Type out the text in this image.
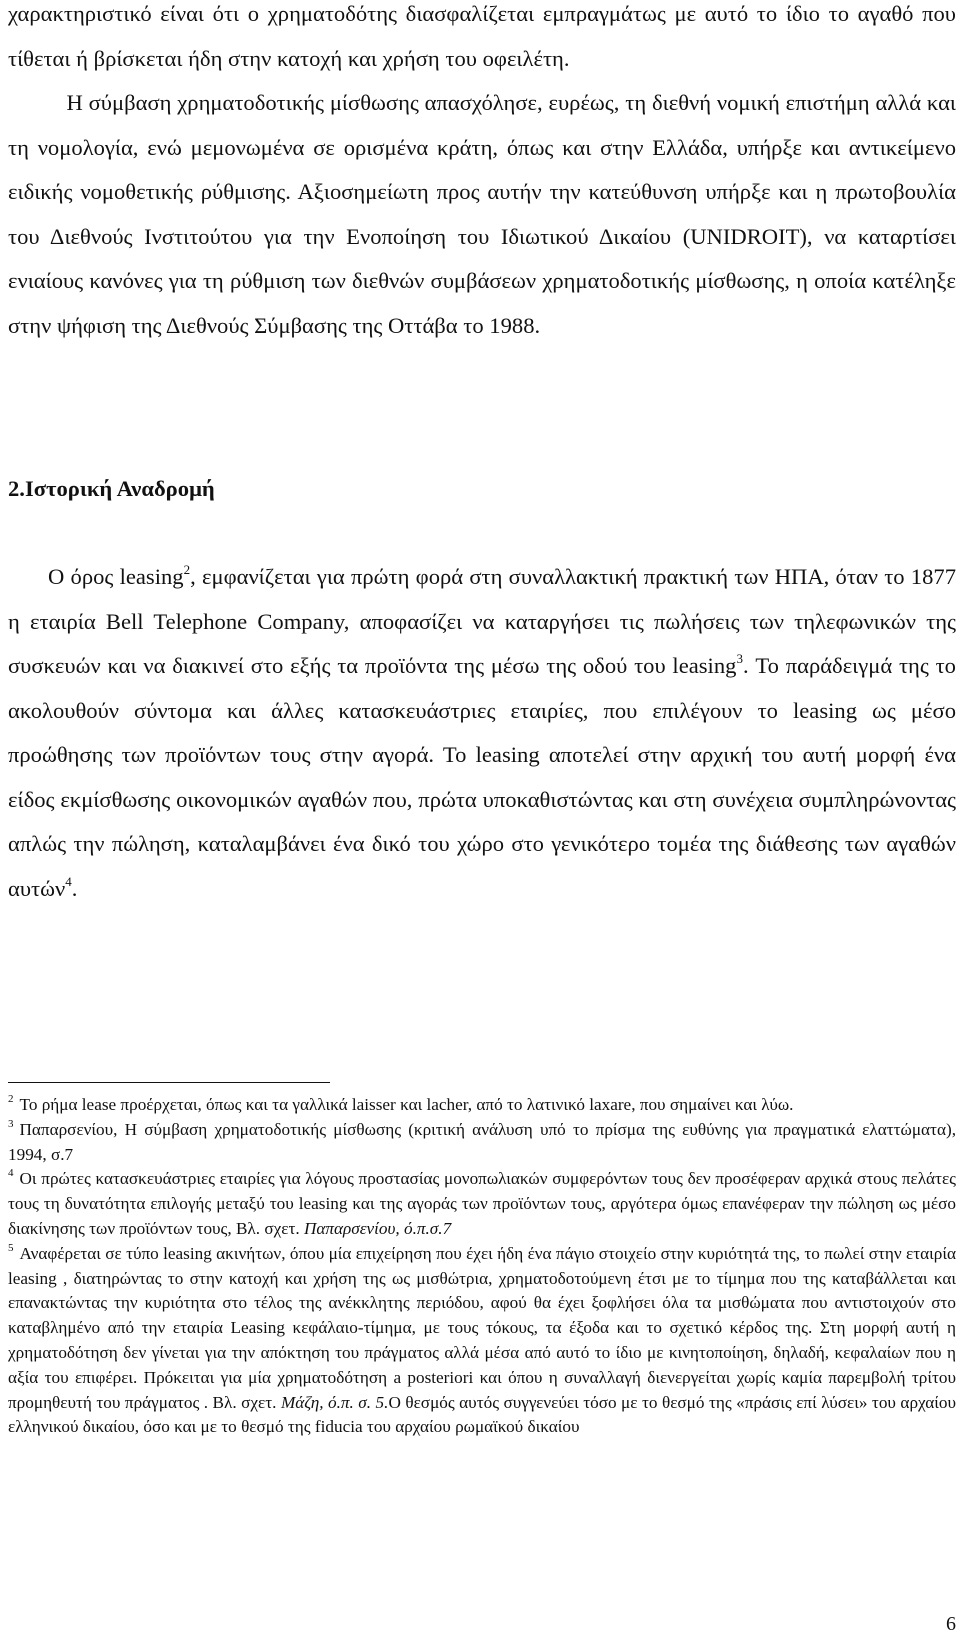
χαρακτηριστικό είναι ότι ο χρηματοδότης διασφαλίζεται εμπραγμάτως με αυτό το ίδιο το αγαθό που τίθεται ή βρίσκεται ήδη στην κατοχή και χρήση του οφειλέτη.
Η σύμβαση χρηματοδοτικής μίσθωσης απασχόλησε, ευρέως, τη διεθνή νομική επιστήμη αλλά και τη νομολογία, ενώ μεμονωμένα σε ορισμένα κράτη, όπως και στην Ελλάδα, υπήρξε και αντικείμενο ειδικής νομοθετικής ρύθμισης. Αξιοσημείωτη προς αυτήν την κατεύθυνση υπήρξε και η πρωτοβουλία του Διεθνούς Ινστιτούτου για την Ενοποίηση του Ιδιωτικού Δικαίου (UNIDROIT), να καταρτίσει ενιαίους κανόνες για τη ρύθμιση των διεθνών συμβάσεων χρηματοδοτικής μίσθωσης, η οποία κατέληξε στην ψήφιση της Διεθνούς Σύμβασης της Οττάβα το 1988.

2.Ιστορική Αναδρομή

Ο όρος leasing$^2$, εμφανίζεται για πρώτη φορά στη συναλλακτική πρακτική των ΗΠΑ, όταν το 1877 η εταιρία Bell Telephone Company, αποφασίζει να καταργήσει τις πωλήσεις των τηλεφωνικών της συσκευών και να διακινεί στο εξής τα προϊόντα της μέσω της οδού του leasing$^3$. Το παράδειγμά της το ακολουθούν σύντομα και άλλες κατασκευάστριες εταιρίες, που επιλέγουν το leasing ως μέσο προώθησης των προϊόντων τους στην αγορά. Το leasing αποτελεί στην αρχική του αυτή μορφή ένα είδος εκμίσθωσης οικονομικών αγαθών που, πρώτα υποκαθιστώντας και στη συνέχεια συμπληρώνοντας απλώς την πώληση, καταλαμβάνει ένα δικό του χώρο στο γενικότερο τομέα της διάθεσης των αγαθών αυτών$^4$.

$^2$ Το ρήμα lease προέρχεται, όπως και τα γαλλικά laisser και lacher, από το λατινικό laxare, που σημαίνει και λύω.

$^3$ Παπαρσενίου, Η σύμβαση χρηματοδοτικής μίσθωσης (κριτική ανάλυση υπό το πρίσμα της ευθύνης για πραγματικά ελαττώματα), 1994, σ.7

$^4$ Οι πρώτες κατασκευάστριες εταιρίες για λόγους προστασίας μονοπωλιακών συμφερόντων τους δεν προσέφεραν αρχικά στους πελάτες τους τη δυνατότητα επιλογής μεταξύ του leasing και της αγοράς των προϊόντων τους, αργότερα όμως επανέφεραν την πώληση ως μέσο διακίνησης των προϊόντων τους, Βλ. σχετ. Παπαρσενίου, ό.π.σ.7

$^5$ Αναφέρεται σε τύπο leasing ακινήτων, όπου μία επιχείρηση που έχει ήδη ένα πάγιο στοιχείο στην κυριότητά της, το πωλεί στην εταιρία leasing , διατηρώντας το στην κατοχή και χρήση της ως μισθώτρια, χρηματοδοτούμενη έτσι με το τίμημα που της καταβάλλεται και επανακτώντας την κυριότητα στο τέλος της ανέκκλητης περιόδου, αφού θα έχει ξοφλήσει όλα τα μισθώματα που αντιστοιχούν στο καταβλημένο από την εταιρία Leasing κεφάλαιο-τίμημα, με τους τόκους, τα έξοδα και το σχετικό κέρδος της. Στη μορφή αυτή η χρηματοδότηση δεν γίνεται για την απόκτηση του πράγματος αλλά μέσα από αυτό το ίδιο με κινητοποίηση, δηλαδή, κεφαλαίων που η αξία του επιφέρει. Πρόκειται για μία χρηματοδότηση a posteriori και όπου η συναλλαγή διενεργείται χωρίς καμία παρεμβολή τρίτου προμηθευτή του πράγματος . Βλ. σχετ. Μάζη, ό.π. σ. 5.Ο θεσμός αυτός συγγενεύει τόσο με το θεσμό της «πράσις επί λύσει» του αρχαίου ελληνικού δικαίου, όσο και με το θεσμό της fiducia του αρχαίου ρωμαϊκού δικαίου

6
